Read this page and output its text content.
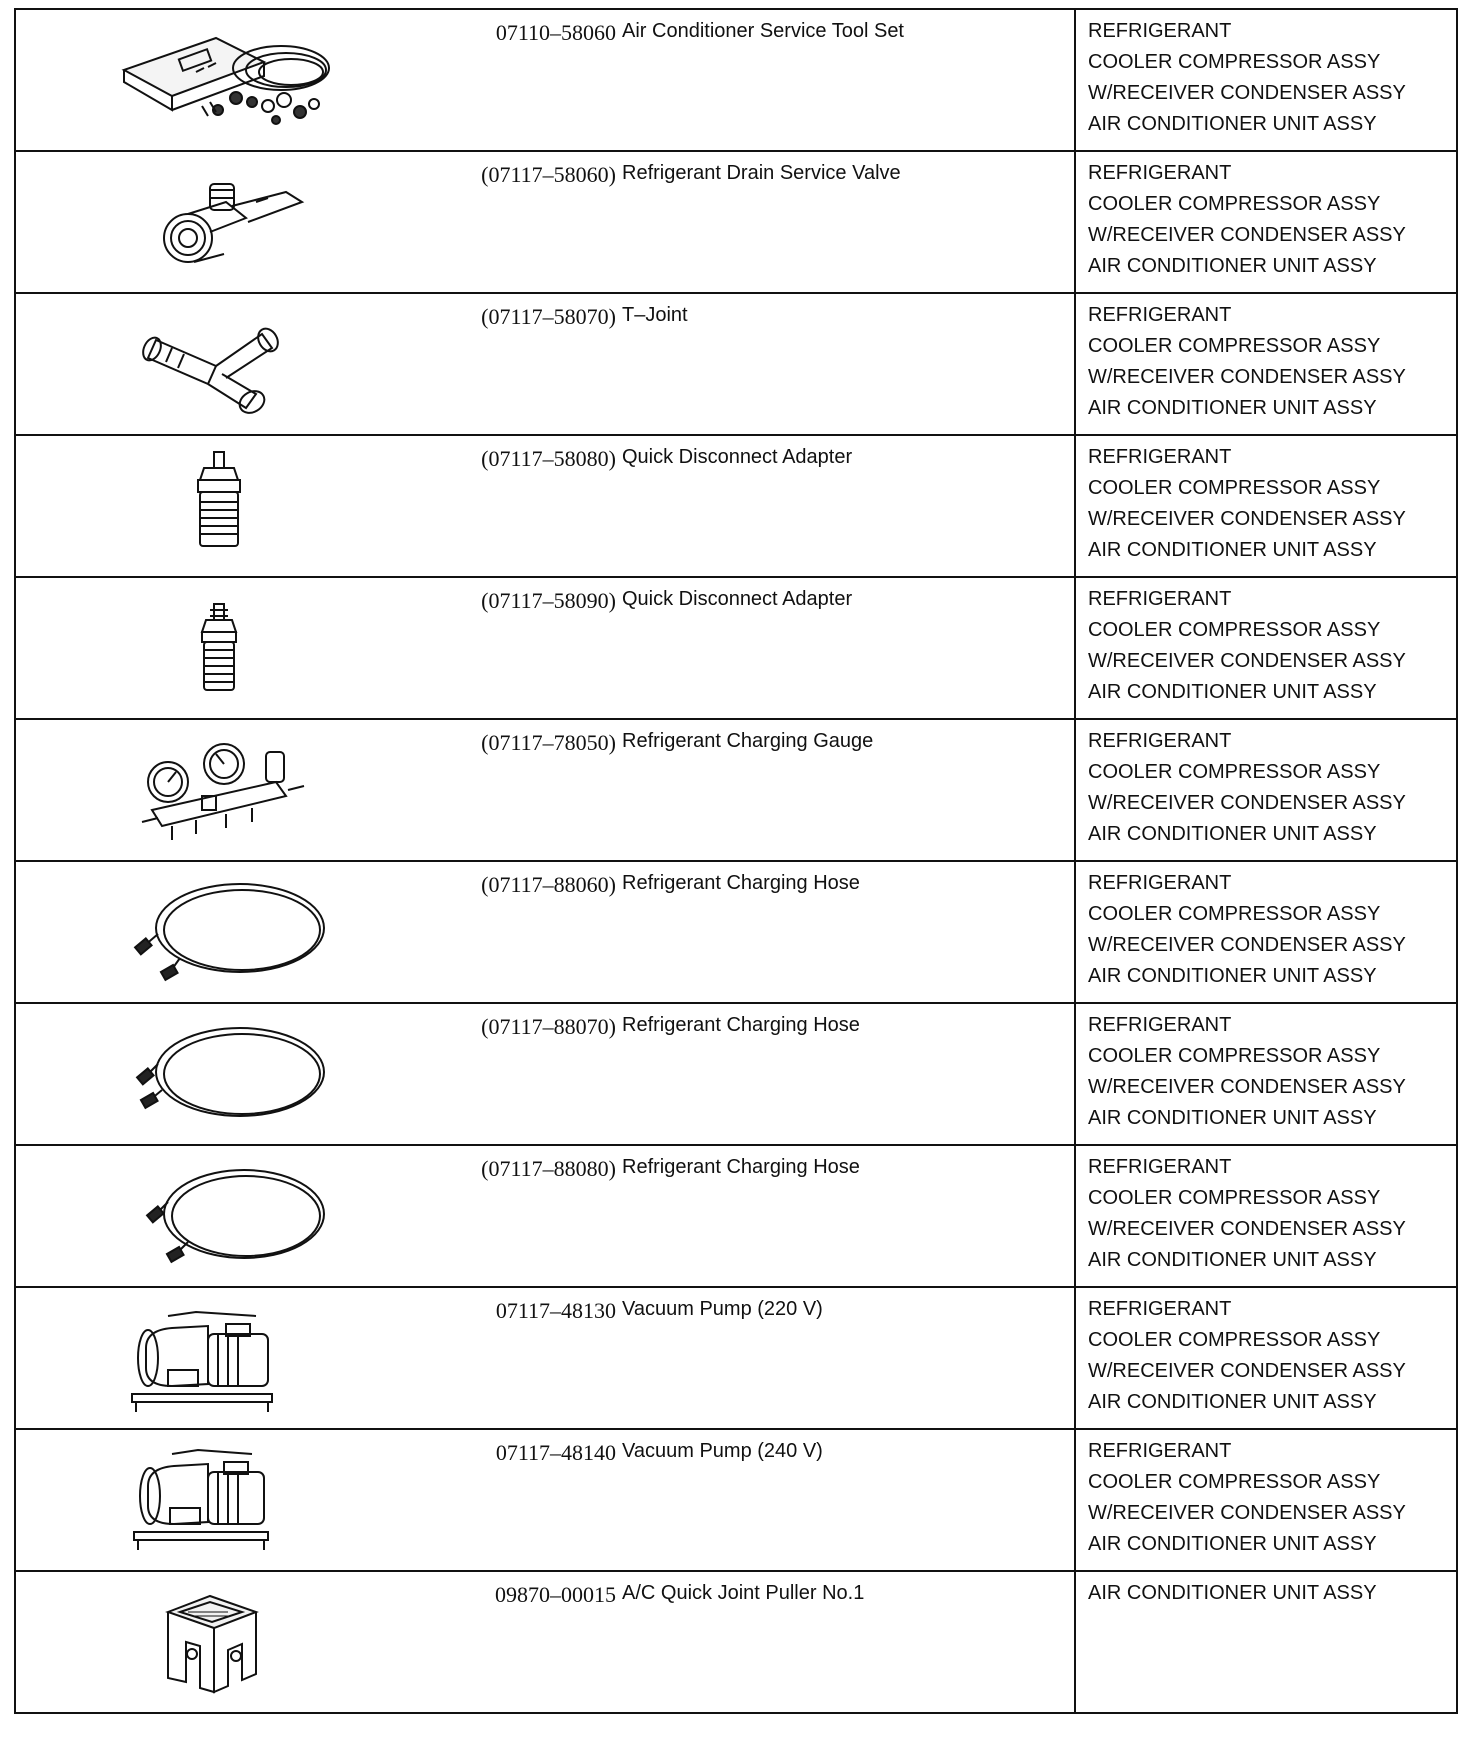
07110–58060 Air Conditioner Service Tool Set	REFRIGERANT
COOLER COMPRESSOR ASSY
W/RECEIVER CONDENSER ASSY
AIR CONDITIONER UNIT ASSY
(07117–58060) Refrigerant Drain Service Valve	REFRIGERANT
COOLER COMPRESSOR ASSY
W/RECEIVER CONDENSER ASSY
AIR CONDITIONER UNIT ASSY
(07117–58070) T–Joint	REFRIGERANT
COOLER COMPRESSOR ASSY
W/RECEIVER CONDENSER ASSY
AIR CONDITIONER UNIT ASSY
(07117–58080) Quick Disconnect Adapter	REFRIGERANT
COOLER COMPRESSOR ASSY
W/RECEIVER CONDENSER ASSY
AIR CONDITIONER UNIT ASSY
(07117–58090) Quick Disconnect Adapter	REFRIGERANT
COOLER COMPRESSOR ASSY
W/RECEIVER CONDENSER ASSY
AIR CONDITIONER UNIT ASSY
(07117–78050) Refrigerant Charging Gauge	REFRIGERANT
COOLER COMPRESSOR ASSY
W/RECEIVER CONDENSER ASSY
AIR CONDITIONER UNIT ASSY
(07117–88060) Refrigerant Charging Hose	REFRIGERANT
COOLER COMPRESSOR ASSY
W/RECEIVER CONDENSER ASSY
AIR CONDITIONER UNIT ASSY
(07117–88070) Refrigerant Charging Hose	REFRIGERANT
COOLER COMPRESSOR ASSY
W/RECEIVER CONDENSER ASSY
AIR CONDITIONER UNIT ASSY
(07117–88080) Refrigerant Charging Hose	REFRIGERANT
COOLER COMPRESSOR ASSY
W/RECEIVER CONDENSER ASSY
AIR CONDITIONER UNIT ASSY
07117–48130 Vacuum Pump (220 V)	REFRIGERANT
COOLER COMPRESSOR ASSY
W/RECEIVER CONDENSER ASSY
AIR CONDITIONER UNIT ASSY
07117–48140 Vacuum Pump (240 V)	REFRIGERANT
COOLER COMPRESSOR ASSY
W/RECEIVER CONDENSER ASSY
AIR CONDITIONER UNIT ASSY
09870–00015 A/C Quick Joint Puller No.1	AIR CONDITIONER UNIT ASSY
